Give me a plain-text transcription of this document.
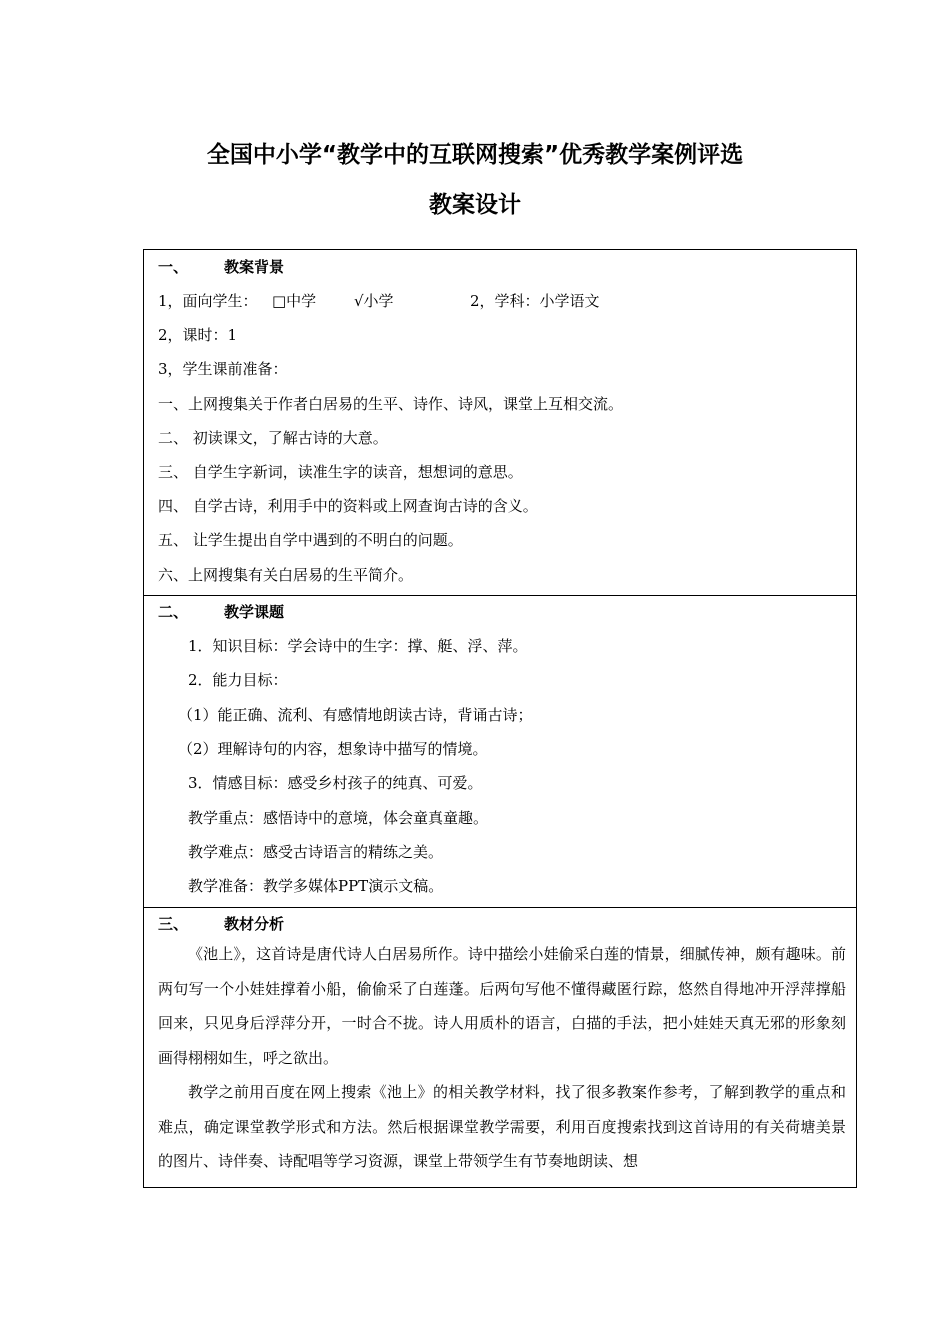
全国中小学“教学中的互联网搜索”优秀教学案例评选
教案设计
一、 教案背景
1，面向学生： □中学	√小学	2，学科：小学语文
2，课时：1
3，学生课前准备：
一、上网搜集关于作者白居易的生平、诗作、诗风，课堂上互相交流。
二、 初读课文，了解古诗的大意。
三、 自学生字新词，读准生字的读音，想想词的意思。
四、 自学古诗，利用手中的资料或上网查询古诗的含义。
五、 让学生提出自学中遇到的不明白的问题。
六、上网搜集有关白居易的生平简介。
二、 教学课题
1．知识目标：学会诗中的生字：撑、艇、浮、萍。
2．能力目标：
（1）能正确、流利、有感情地朗读古诗，背诵古诗；
（2）理解诗句的内容，想象诗中描写的情境。
3．情感目标：感受乡村孩子的纯真、可爱。
教学重点：感悟诗中的意境，体会童真童趣。
教学难点：感受古诗语言的精练之美。
教学准备：教学多媒体PPT演示文稿。
三、 教材分析
《池上》，这首诗是唐代诗人白居易所作。诗中描绘小娃偷采白莲的情景，细腻传神，颇有趣味。前两句写一个小娃娃撑着小船，偷偷采了白莲蓬。后两句写他不懂得藏匿行踪，悠然自得地冲开浮萍撑船回来，只见身后浮萍分开，一时合不拢。诗人用质朴的语言，白描的手法，把小娃娃天真无邪的形象刻画得栩栩如生，呼之欲出。
教学之前用百度在网上搜索《池上》的相关教学材料，找了很多教案作参考，了解到教学的重点和难点，确定课堂教学形式和方法。然后根据课堂教学需要，利用百度搜索找到这首诗用的有关荷塘美景的图片、诗伴奏、诗配唱等学习资源，课堂上带领学生有节奏地朗读、想
